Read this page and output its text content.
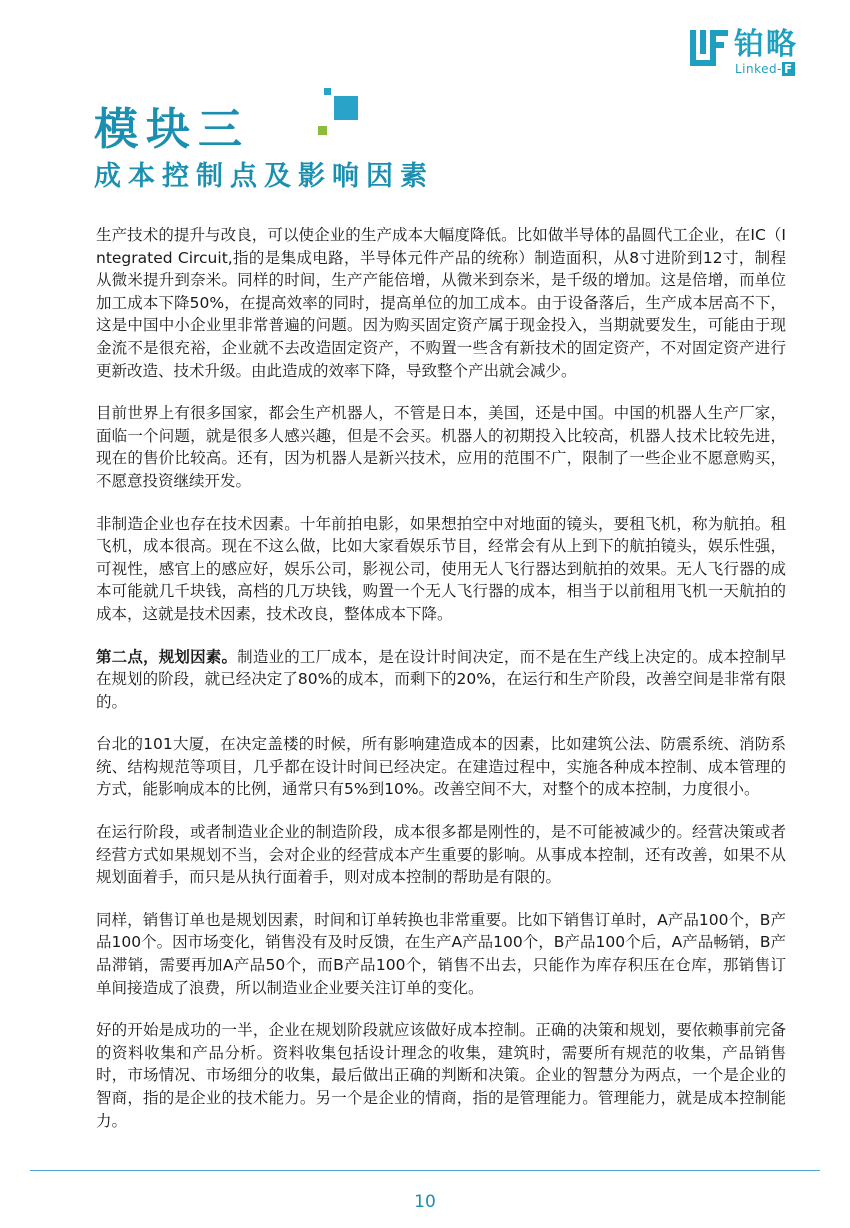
铂略
Linked- F
模块三
成本控制点及影响因素

生产技术的提升与改良，可以使企业的生产成本大幅度降低。比如做半导体的晶圆代工企业，在IC（Integrated Circuit,指的是集成电路，半导体元件产品的统称）制造面积，从8寸进阶到12寸，制程从微米提升到奈米。同样的时间，生产产能倍增，从微米到奈米，是千级的增加。这是倍增，而单位加工成本下降50%，在提高效率的同时，提高单位的加工成本。由于设备落后，生产成本居高不下，这是中国中小企业里非常普遍的问题。因为购买固定资产属于现金投入，当期就要发生，可能由于现金流不是很充裕，企业就不去改造固定资产，不购置一些含有新技术的固定资产，不对固定资产进行更新改造、技术升级。由此造成的效率下降，导致整个产出就会减少。

目前世界上有很多国家，都会生产机器人，不管是日本，美国，还是中国。中国的机器人生产厂家，面临一个问题，就是很多人感兴趣，但是不会买。机器人的初期投入比较高，机器人技术比较先进，现在的售价比较高。还有，因为机器人是新兴技术，应用的范围不广，限制了一些企业不愿意购买，不愿意投资继续开发。

非制造企业也存在技术因素。十年前拍电影，如果想拍空中对地面的镜头，要租飞机，称为航拍。租飞机，成本很高。现在不这么做，比如大家看娱乐节目，经常会有从上到下的航拍镜头，娱乐性强，可视性，感官上的感应好，娱乐公司，影视公司，使用无人飞行器达到航拍的效果。无人飞行器的成本可能就几千块钱，高档的几万块钱，购置一个无人飞行器的成本，相当于以前租用飞机一天航拍的成本，这就是技术因素，技术改良，整体成本下降。

第二点，规划因素。制造业的工厂成本，是在设计时间决定，而不是在生产线上决定的。成本控制早在规划的阶段，就已经决定了80%的成本，而剩下的20%，在运行和生产阶段，改善空间是非常有限的。

台北的101大厦，在决定盖楼的时候，所有影响建造成本的因素，比如建筑公法、防震系统、消防系统、结构规范等项目，几乎都在设计时间已经决定。在建造过程中，实施各种成本控制、成本管理的方式，能影响成本的比例，通常只有5%到10%。改善空间不大，对整个的成本控制，力度很小。

在运行阶段，或者制造业企业的制造阶段，成本很多都是刚性的，是不可能被减少的。经营决策或者经营方式如果规划不当，会对企业的经营成本产生重要的影响。从事成本控制，还有改善，如果不从规划面着手，而只是从执行面着手，则对成本控制的帮助是有限的。

同样，销售订单也是规划因素，时间和订单转换也非常重要。比如下销售订单时，A产品100个，B产品100个。因市场变化，销售没有及时反馈，在生产A产品100个，B产品100个后，A产品畅销，B产品滞销，需要再加A产品50个，而B产品100个，销售不出去，只能作为库存积压在仓库，那销售订单间接造成了浪费，所以制造业企业要关注订单的变化。

好的开始是成功的一半，企业在规划阶段就应该做好成本控制。正确的决策和规划，要依赖事前完备的资料收集和产品分析。资料收集包括设计理念的收集，建筑时，需要所有规范的收集，产品销售时，市场情况、市场细分的收集，最后做出正确的判断和决策。企业的智慧分为两点，一个是企业的智商，指的是企业的技术能力。另一个是企业的情商，指的是管理能力。管理能力，就是成本控制能力。

10
